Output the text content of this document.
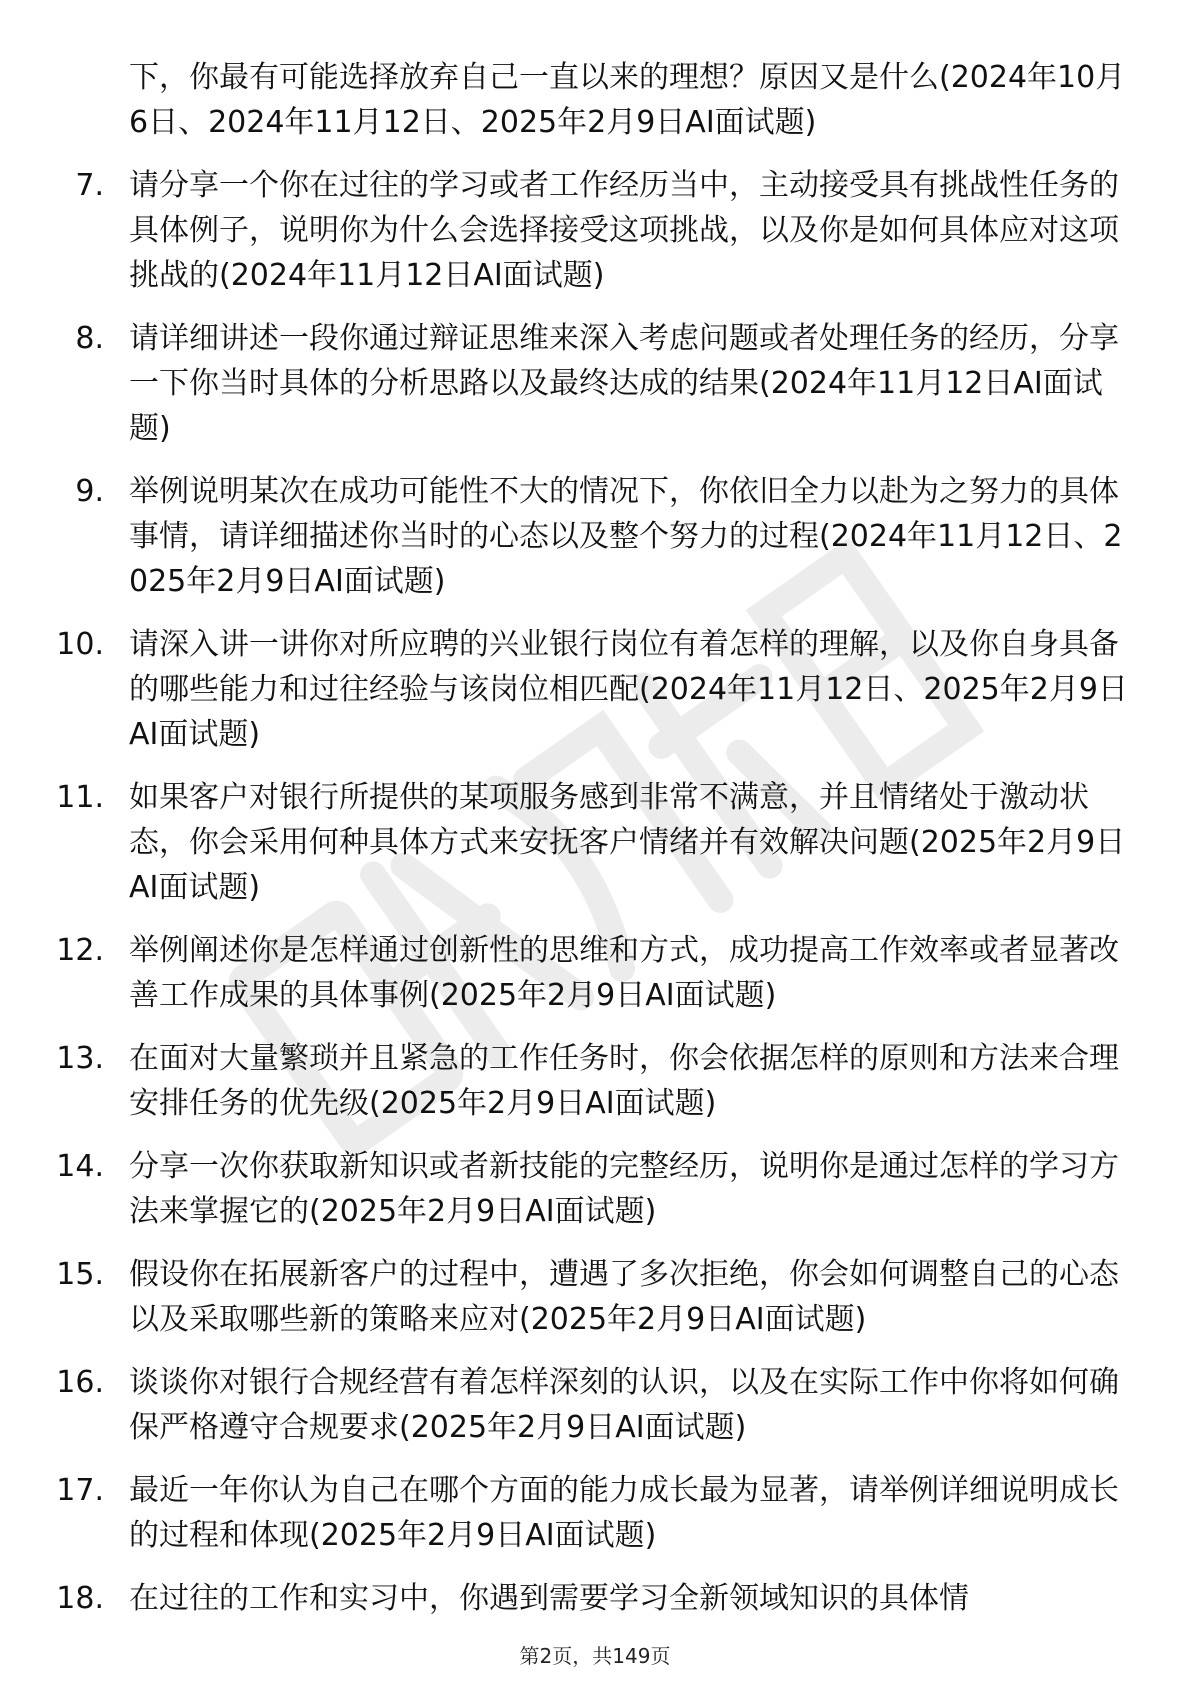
下，你最有可能选择放弃自己一直以来的理想？原因又是什么(2024年10月6日、2024年11月12日、2025年2月9日AI面试题)
7. 请分享一个你在过往的学习或者工作经历当中，主动接受具有挑战性任务的具体例子，说明你为什么会选择接受这项挑战，以及你是如何具体应对这项挑战的(2024年11月12日AI面试题)
8. 请详细讲述一段你通过辩证思维来深入考虑问题或者处理任务的经历，分享一下你当时具体的分析思路以及最终达成的结果(2024年11月12日AI面试题)
9. 举例说明某次在成功可能性不大的情况下，你依旧全力以赴为之努力的具体事情，请详细描述你当时的心态以及整个努力的过程(2024年11月12日、2025年2月9日AI面试题)
10. 请深入讲一讲你对所应聘的兴业银行岗位有着怎样的理解，以及你自身具备的哪些能力和过往经验与该岗位相匹配(2024年11月12日、2025年2月9日AI面试题)
11. 如果客户对银行所提供的某项服务感到非常不满意，并且情绪处于激动状态，你会采用何种具体方式来安抚客户情绪并有效解决问题(2025年2月9日AI面试题)
12. 举例阐述你是怎样通过创新性的思维和方式，成功提高工作效率或者显著改善工作成果的具体事例(2025年2月9日AI面试题)
13. 在面对大量繁琐并且紧急的工作任务时，你会依据怎样的原则和方法来合理安排任务的优先级(2025年2月9日AI面试题)
14. 分享一次你获取新知识或者新技能的完整经历，说明你是通过怎样的学习方法来掌握它的(2025年2月9日AI面试题)
15. 假设你在拓展新客户的过程中，遭遇了多次拒绝，你会如何调整自己的心态以及采取哪些新的策略来应对(2025年2月9日AI面试题)
16. 谈谈你对银行合规经营有着怎样深刻的认识，以及在实际工作中你将如何确保严格遵守合规要求(2025年2月9日AI面试题)
17. 最近一年你认为自己在哪个方面的能力成长最为显著，请举例详细说明成长的过程和体现(2025年2月9日AI面试题)
18. 在过往的工作和实习中，你遇到需要学习全新领域知识的具体情
第2页，共149页
